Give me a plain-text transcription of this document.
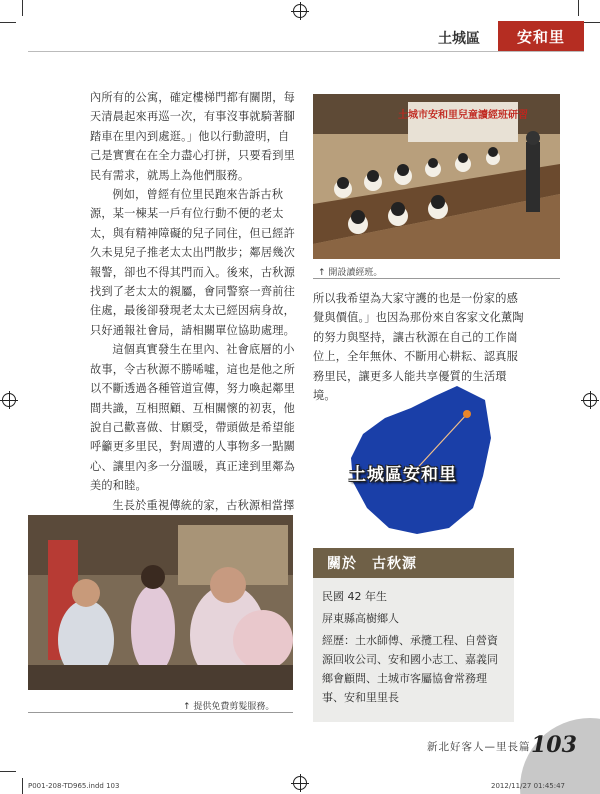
土城區	安和里

內所有的公寓，確定樓梯門都有關閉，每天清晨起來再巡一次，有事沒事就騎著腳踏車在里內到處逛。」他以行動證明，自己是實實在在全力盡心打拼，只要看到里民有需求，就馬上為他們服務。

例如，曾經有位里民跑來告訴古秋源，某一棟某一戶有位行動不便的老太太，與有精神障礙的兒子同住，但已經許久未見兒子推老太太出門散步；鄰居幾次報警，卻也不得其門而入。後來，古秋源找到了老太太的親屬，會同警察一齊前往住處，最後卻發現老太太已經因病身故，只好通報社會局，請相關單位協助處理。

這個真實發生在里內、社會底層的小故事，令古秋源不勝唏噓，這也是他之所以不斷透過各種管道宣傳，努力喚起鄰里間共識，互相照顧、互相關懷的初衷，他說自己歡喜做、甘願受，帶頭做是希望能呼籲更多里民，對周遭的人事物多一點關心、讓里內多一分溫暖，真正達到里鄰為美的和睦。

生長於重視傳統的家，古秋源相當擇

土城市安和里兒童讀經班研習
↑ 開設讀經班。

所以我希望為大家守護的也是一份家的感覺與價值。」也因為那份來自客家文化薰陶的努力與堅持，讓古秋源在自己的工作崗位上，全年無休、不斷用心耕耘、認真服務里民，讓更多人能共享優質的生活環境。

土城區安和里
↑ 提供免費剪髮服務。
關於　古秋源
民國 42 年生
屏東縣高樹鄉人
經歷：土水師傅、承攬工程、自營資源回收公司、安和國小志工、嘉義同鄉會顧問、土城市客屬協會常務理事、安和里里長
新北好客人—里長篇 103
P001-208-TD965.indd 103	2012/11/27 01:45:47
